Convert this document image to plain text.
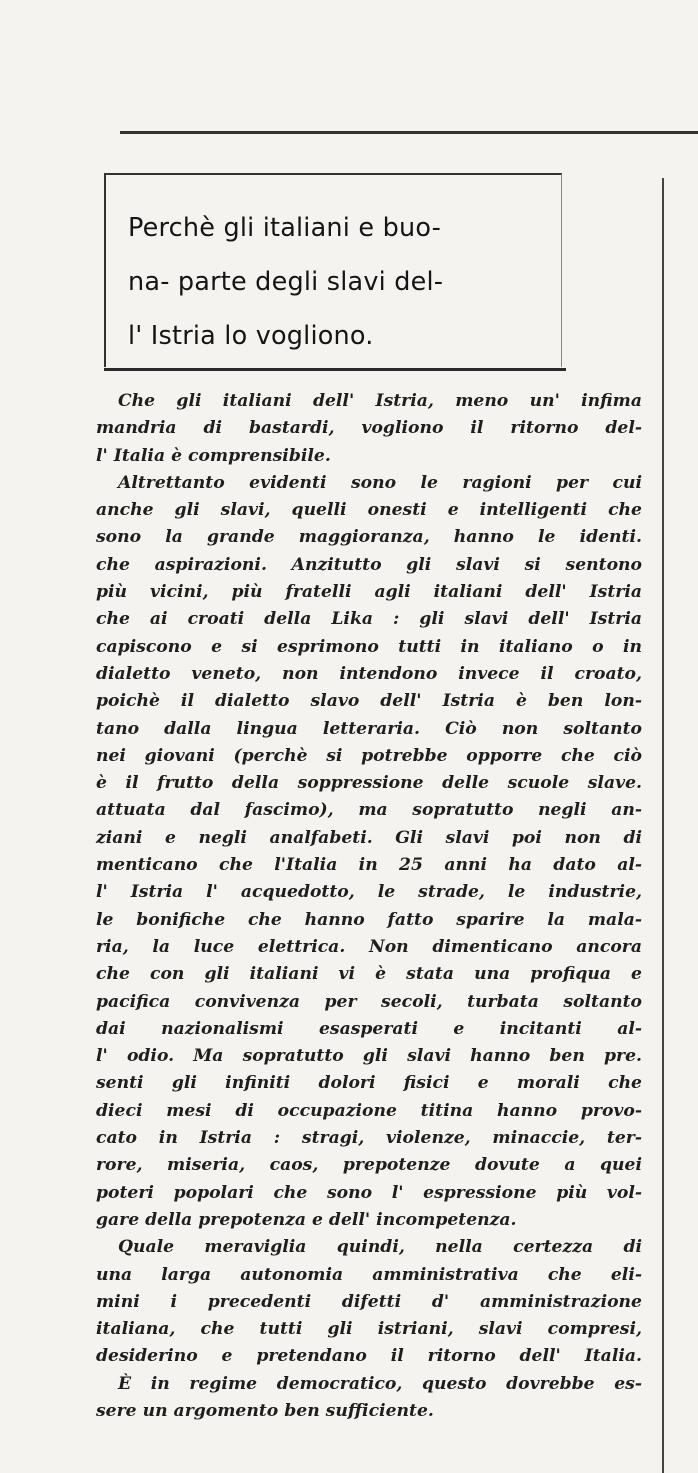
Perchè gli italiani e buo-
na- parte degli slavi del-
l' Istria lo vogliono.
Che gli italiani dell' Istria, meno un' infima
mandria di bastardi, vogliono il ritorno del-
l' Italia è comprensibile.
Altrettanto evidenti sono le ragioni per cui
anche gli slavi, quelli onesti e intelligenti che
sono la grande maggioranza, hanno le identi.
che aspirazioni. Anzitutto gli slavi si sentono
più vicini, più fratelli agli italiani dell' Istria
che ai croati della Lika : gli slavi dell' Istria
capiscono e si esprimono tutti in italiano o in
dialetto veneto, non intendono invece il croato,
poichè il dialetto slavo dell' Istria è ben lon-
tano dalla lingua letteraria. Ciò non soltanto
nei giovani (perchè si potrebbe opporre che ciò
è il frutto della soppressione delle scuole slave.
attuata dal fascimo), ma sopratutto negli an-
ziani e negli analfabeti. Gli slavi poi non di
menticano che l'Italia in 25 anni ha dato al-
l' Istria l' acquedotto, le strade, le industrie,
le bonifiche che hanno fatto sparire la mala-
ria, la luce elettrica. Non dimenticano ancora
che con gli italiani vi è stata una profiqua e
pacifica convivenza per secoli, turbata soltanto
dai nazionalismi esasperati e incitanti al-
l' odio. Ma sopratutto gli slavi hanno ben pre.
senti gli infiniti dolori fisici e morali che
dieci mesi di occupazione titina hanno provo-
cato in Istria : stragi, violenze, minaccie, ter-
rore, miseria, caos, prepotenze dovute a quei
poteri popolari che sono l' espressione più vol-
gare della prepotenza e dell' incompetenza.
Quale meraviglia quindi, nella certezza di
una larga autonomia amministrativa che eli-
mini i precedenti difetti d' amministrazione
italiana, che tutti gli istriani, slavi compresi,
desiderino e pretendano il ritorno dell' Italia.
È in regime democratico, questo dovrebbe es-
sere un argomento ben sufficiente.
